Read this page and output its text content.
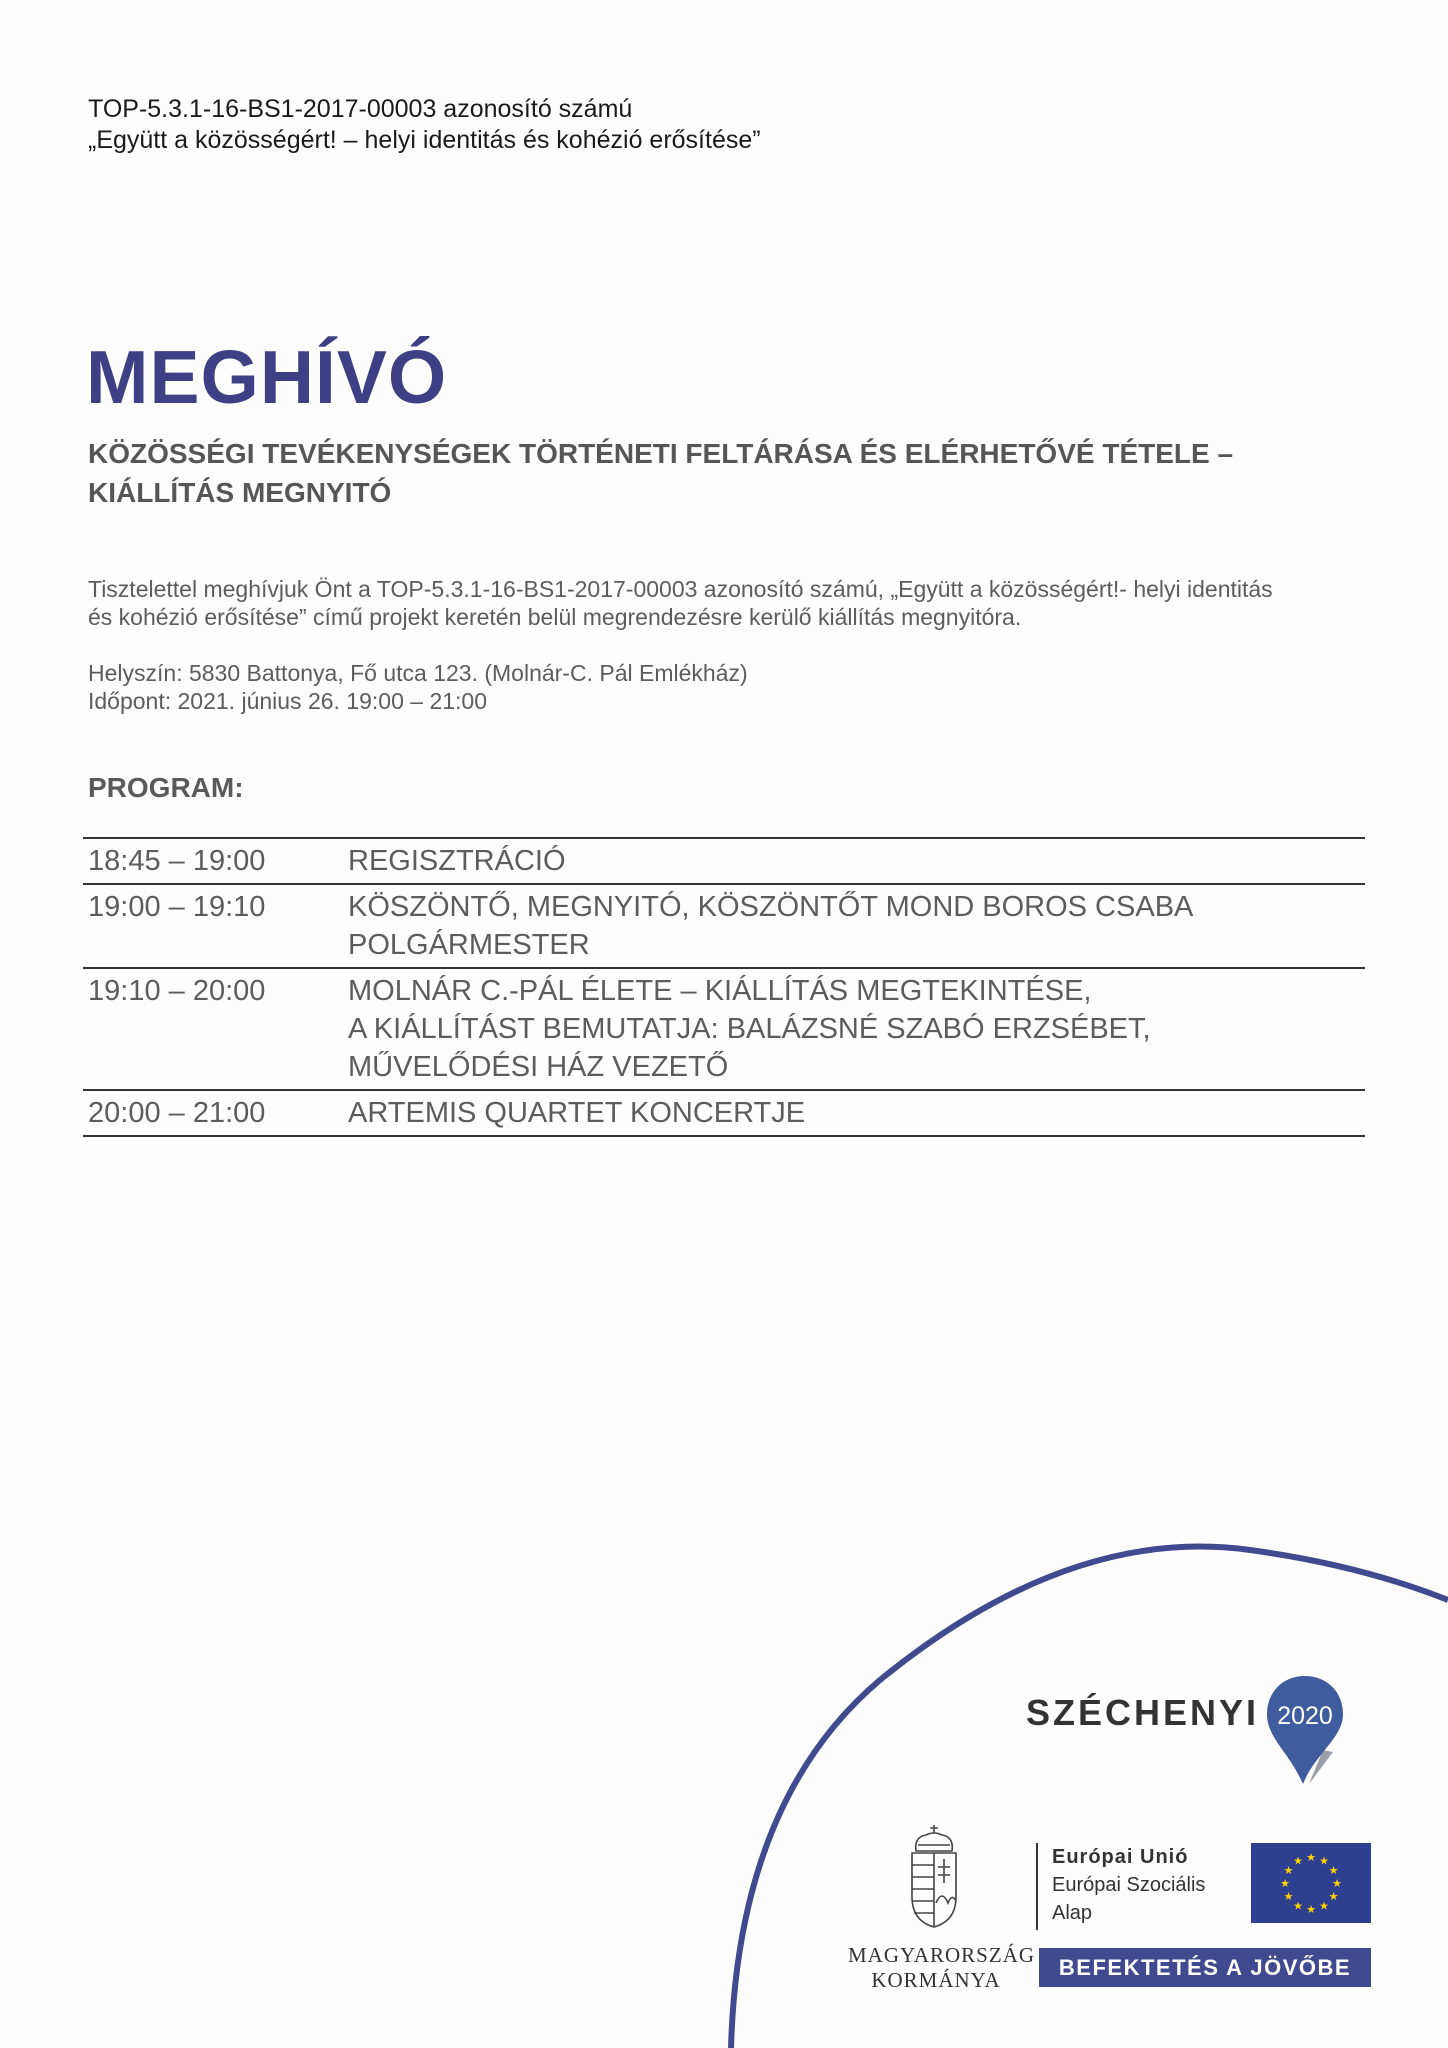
TOP-5.3.1-16-BS1-2017-00003 azonosító számú

„Együtt a közösségért! – helyi identitás és kohézió erősítése”

MEGHÍVÓ
KÖZÖSSÉGI TEVÉKENYSÉGEK TÖRTÉNETI FELTÁRÁSA ÉS ELÉRHETŐVÉ TÉTELE –
KIÁLLÍTÁS MEGNYITÓ

Tisztelettel meghívjuk Önt a TOP-5.3.1-16-BS1-2017-00003 azonosító számú, „Együtt a közösségért!- helyi identitás
és kohézió erősítése” című projekt keretén belül megrendezésre kerülő kiállítás megnyitóra.

Helyszín: 5830 Battonya, Fő utca 123. (Molnár-C. Pál Emlékház)
Időpont: 2021. június 26. 19:00 – 21:00

PROGRAM:
18:45 – 19:00	REGISZTRÁCIÓ
19:00 – 19:10	KÖSZÖNTŐ, MEGNYITÓ, KÖSZÖNTŐT MOND BOROS CSABA
POLGÁRMESTER
19:10 – 20:00	MOLNÁR C.-PÁL ÉLETE – KIÁLLÍTÁS MEGTEKINTÉSE,
A KIÁLLÍTÁST BEMUTATJA: BALÁZSNÉ SZABÓ ERZSÉBET,
MŰVELŐDÉSI HÁZ VEZETŐ
20:00 – 21:00	ARTEMIS QUARTET KONCERTJE
SZÉCHENYI 2020
MAGYARORSZÁG
KORMÁNYA
Európai Unió
Európai Szociális
Alap
★ ★
★
★
★
★
★
★
★
★
★
★
BEFEKTETÉS A JÖVŐBE
